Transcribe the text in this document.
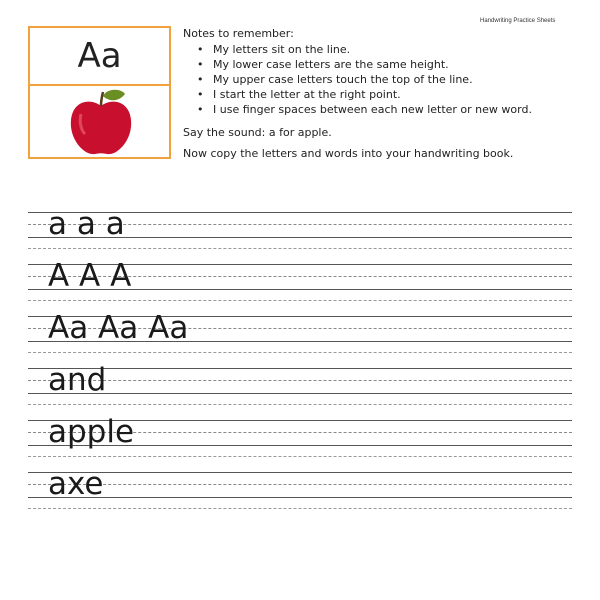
Handwriting Practice Sheets
Aa
Notes to remember:
• My letters sit on the line.
• My lower case letters are the same height.
• My upper case letters touch the top of the line.
• I start the letter at the right point.
• I use finger spaces between each new letter or new word.
Say the sound: a for apple.
Now copy the letters and words into your handwriting book.
a a a
A A A
Aa Aa Aa
and
apple
axe
